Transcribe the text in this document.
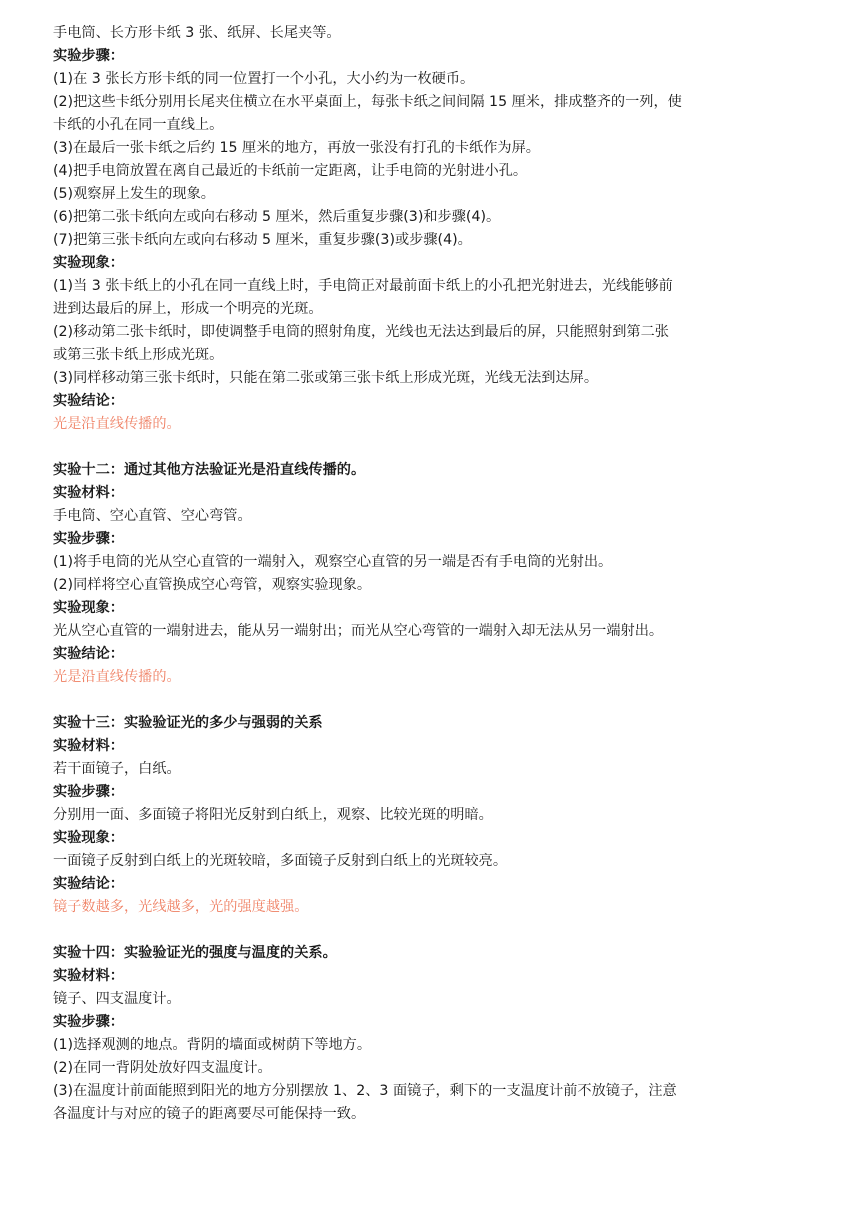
手电筒、长方形卡纸 3 张、纸屏、长尾夹等。
实验步骤：
(1)在 3 张长方形卡纸的同一位置打一个小孔，大小约为一枚硬币。
(2)把这些卡纸分别用长尾夹住横立在水平桌面上，每张卡纸之间间隔 15 厘米，排成整齐的一列，使
卡纸的小孔在同一直线上。
(3)在最后一张卡纸之后约 15 厘米的地方，再放一张没有打孔的卡纸作为屏。
(4)把手电筒放置在离自己最近的卡纸前一定距离，让手电筒的光射进小孔。
(5)观察屏上发生的现象。
(6)把第二张卡纸向左或向右移动 5 厘米，然后重复步骤(3)和步骤(4)。
(7)把第三张卡纸向左或向右移动 5 厘米，重复步骤(3)或步骤(4)。
实验现象：
(1)当 3 张卡纸上的小孔在同一直线上时，手电筒正对最前面卡纸上的小孔把光射进去，光线能够前
进到达最后的屏上，形成一个明亮的光斑。
(2)移动第二张卡纸时，即使调整手电筒的照射角度，光线也无法达到最后的屏，只能照射到第二张
或第三张卡纸上形成光斑。
(3)同样移动第三张卡纸时，只能在第二张或第三张卡纸上形成光斑，光线无法到达屏。
实验结论：
光是沿直线传播的。
实验十二：通过其他方法验证光是沿直线传播的。
实验材料：
手电筒、空心直管、空心弯管。
实验步骤：
(1)将手电筒的光从空心直管的一端射入，观察空心直管的另一端是否有手电筒的光射出。
(2)同样将空心直管换成空心弯管，观察实验现象。
实验现象：
光从空心直管的一端射进去，能从另一端射出；而光从空心弯管的一端射入却无法从另一端射出。
实验结论：
光是沿直线传播的。
实验十三：实验验证光的多少与强弱的关系
实验材料：
若干面镜子，白纸。
实验步骤：
分别用一面、多面镜子将阳光反射到白纸上，观察、比较光斑的明暗。
实验现象：
一面镜子反射到白纸上的光斑较暗，多面镜子反射到白纸上的光斑较亮。
实验结论：
镜子数越多，光线越多，光的强度越强。
实验十四：实验验证光的强度与温度的关系。
实验材料：
镜子、四支温度计。
实验步骤：
(1)选择观测的地点。背阴的墙面或树荫下等地方。
(2)在同一背阴处放好四支温度计。
(3)在温度计前面能照到阳光的地方分别摆放 1、2、3 面镜子，剩下的一支温度计前不放镜子，注意
各温度计与对应的镜子的距离要尽可能保持一致。
